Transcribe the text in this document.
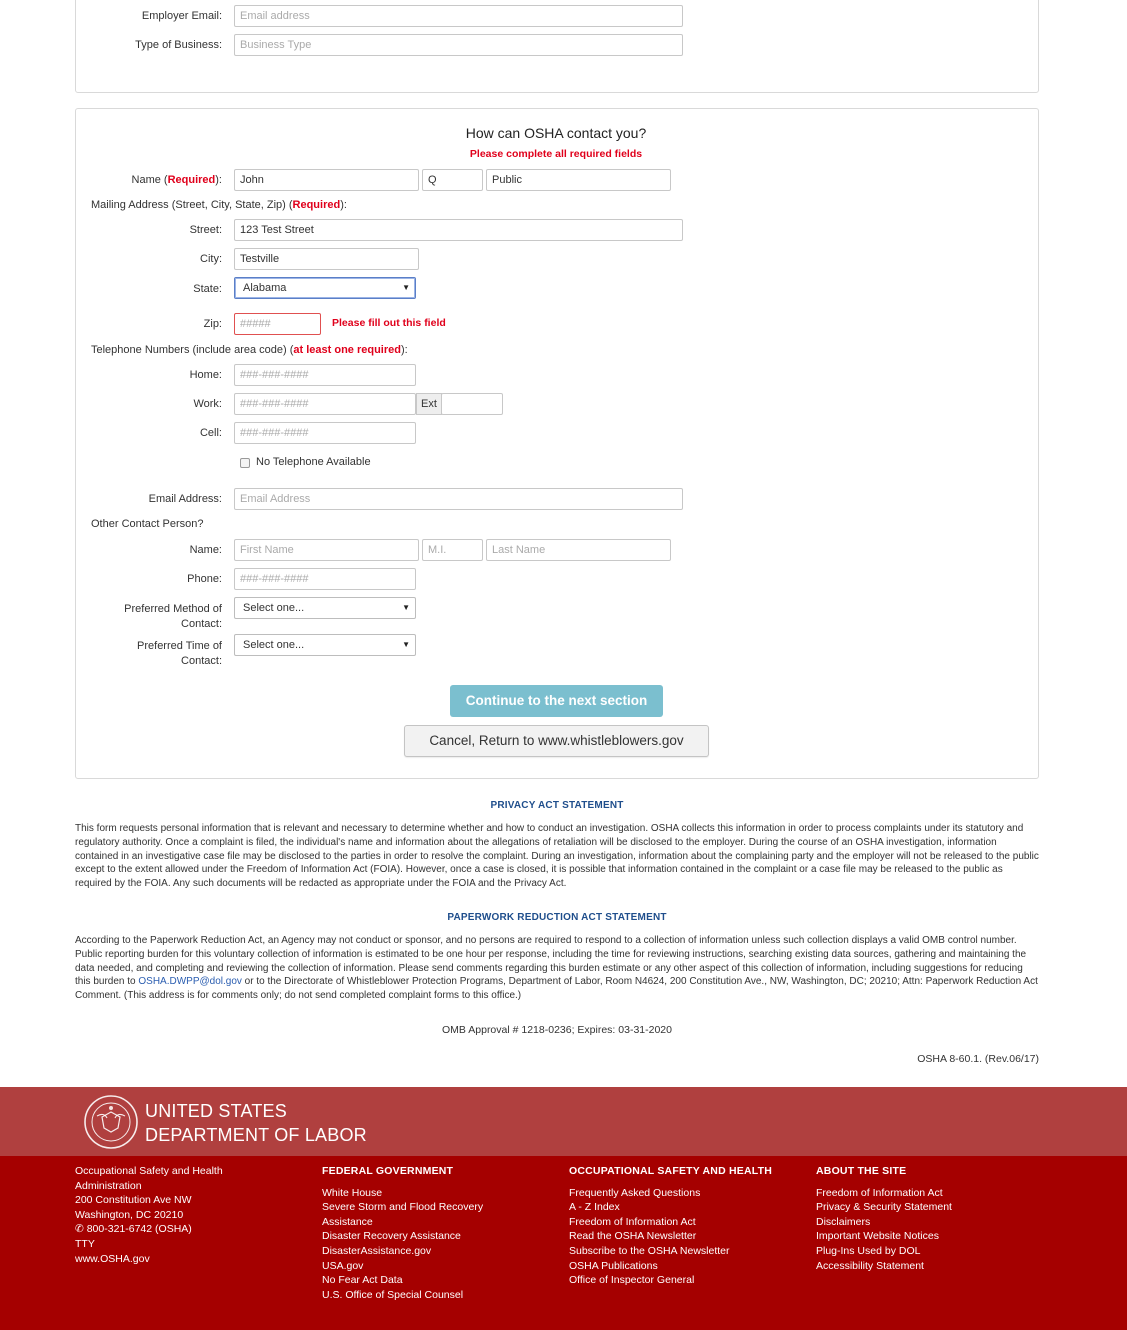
Employer Email:
Email address
Type of Business:
Business Type
How can OSHA contact you?
Please complete all required fields
Name (Required):
John
Q
Public
Mailing Address (Street, City, State, Zip) (Required):
Street:
123 Test Street
City:
Testville
State:	Alabama	▼
Zip:
#####	Please fill out this field
Telephone Numbers (include area code) (at least one required):
Home:
###-###-####
Work:
###-###-####	Ext
Cell:
###-###-####
No Telephone Available
Email Address:
Email Address
Other Contact Person?
Name:
First Name
M.I.
Last Name
Phone:
###-###-####
Preferred Method of
Contact:
Select one...	▼
Preferred Time of
Contact:
Select one...	▼
Continue to the next section
Cancel, Return to www.whistleblowers.gov
PRIVACY ACT STATEMENT
This form requests personal information that is relevant and necessary to determine whether and how to conduct an investigation. OSHA collects this information in order to process complaints under its statutory and regulatory authority. Once a complaint is filed, the individual's name and information about the allegations of retaliation will be disclosed to the employer. During the course of an OSHA investigation, information contained in an investigative case file may be disclosed to the parties in order to resolve the complaint. During an investigation, information about the complaining party and the employer will not be released to the public except to the extent allowed under the Freedom of Information Act (FOIA). However, once a case is closed, it is possible that information contained in the complaint or a case file may be released to the public as required by the FOIA. Any such documents will be redacted as appropriate under the FOIA and the Privacy Act.
PAPERWORK REDUCTION ACT STATEMENT
According to the Paperwork Reduction Act, an Agency may not conduct or sponsor, and no persons are required to respond to a collection of information unless such collection displays a valid OMB control number. Public reporting burden for this voluntary collection of information is estimated to be one hour per response, including the time for reviewing instructions, searching existing data sources, gathering and maintaining the data needed, and completing and reviewing the collection of information. Please send comments regarding this burden estimate or any other aspect of this collection of information, including suggestions for reducing this burden to OSHA.DWPP@dol.gov or to the Directorate of Whistleblower Protection Programs, Department of Labor, Room N4624, 200 Constitution Ave., NW, Washington, DC; 20210; Attn: Paperwork Reduction Act Comment. (This address is for comments only; do not send completed complaint forms to this office.)
OMB Approval # 1218-0236; Expires: 03-31-2020
OSHA 8-60.1. (Rev.06/17)
UNITED STATES
DEPARTMENT OF LABOR
Occupational Safety and Health
Administration
200 Constitution Ave NW
Washington, DC 20210
✆ 800-321-6742 (OSHA)
TTY
www.OSHA.gov
FEDERAL GOVERNMENT
White House
Severe Storm and Flood Recovery
Assistance
Disaster Recovery Assistance
DisasterAssistance.gov
USA.gov
No Fear Act Data
U.S. Office of Special Counsel
OCCUPATIONAL SAFETY AND HEALTH
Frequently Asked Questions
A - Z Index
Freedom of Information Act
Read the OSHA Newsletter
Subscribe to the OSHA Newsletter
OSHA Publications
Office of Inspector General
ABOUT THE SITE
Freedom of Information Act
Privacy & Security Statement
Disclaimers
Important Website Notices
Plug-Ins Used by DOL
Accessibility Statement
